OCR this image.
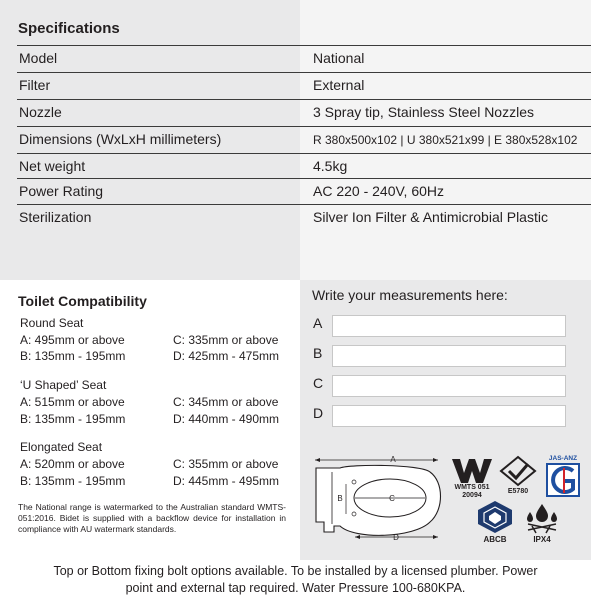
Specifications
Model	National
Filter	External
Nozzle	3 Spray tip, Stainless Steel Nozzles
Dimensions (WxLxH millimeters)	R 380x500x102 | U 380x521x99 | E 380x528x102
Net weight	4.5kg
Power Rating	AC 220 - 240V, 60Hz
Sterilization	Silver Ion Filter & Antimicrobial Plastic
Toilet Compatibility
Round Seat
A: 495mm or above	C: 335mm or above
B: 135mm - 195mm	D: 425mm - 475mm
‘U Shaped’ Seat
A: 515mm or above	C: 345mm or above
B: 135mm - 195mm	D: 440mm - 490mm
Elongated Seat
A: 520mm or above	C: 355mm or above
B: 135mm - 195mm	D: 445mm - 495mm
The National range is watermarked to the Australian standard WMTS-051:2016. Bidet is supplied with a backflow device for installation in compliance with AU watermark standards.
Write your measurements here:
A
B
C
D
A
C
B
D
WMTS 051
20094
E5780
JAS-ANZ
ABCB	IPX4
Top or Bottom fixing bolt options available. To be installed by a licensed plumber. Power
point and external tap required. Water Pressure 100-680KPA.
